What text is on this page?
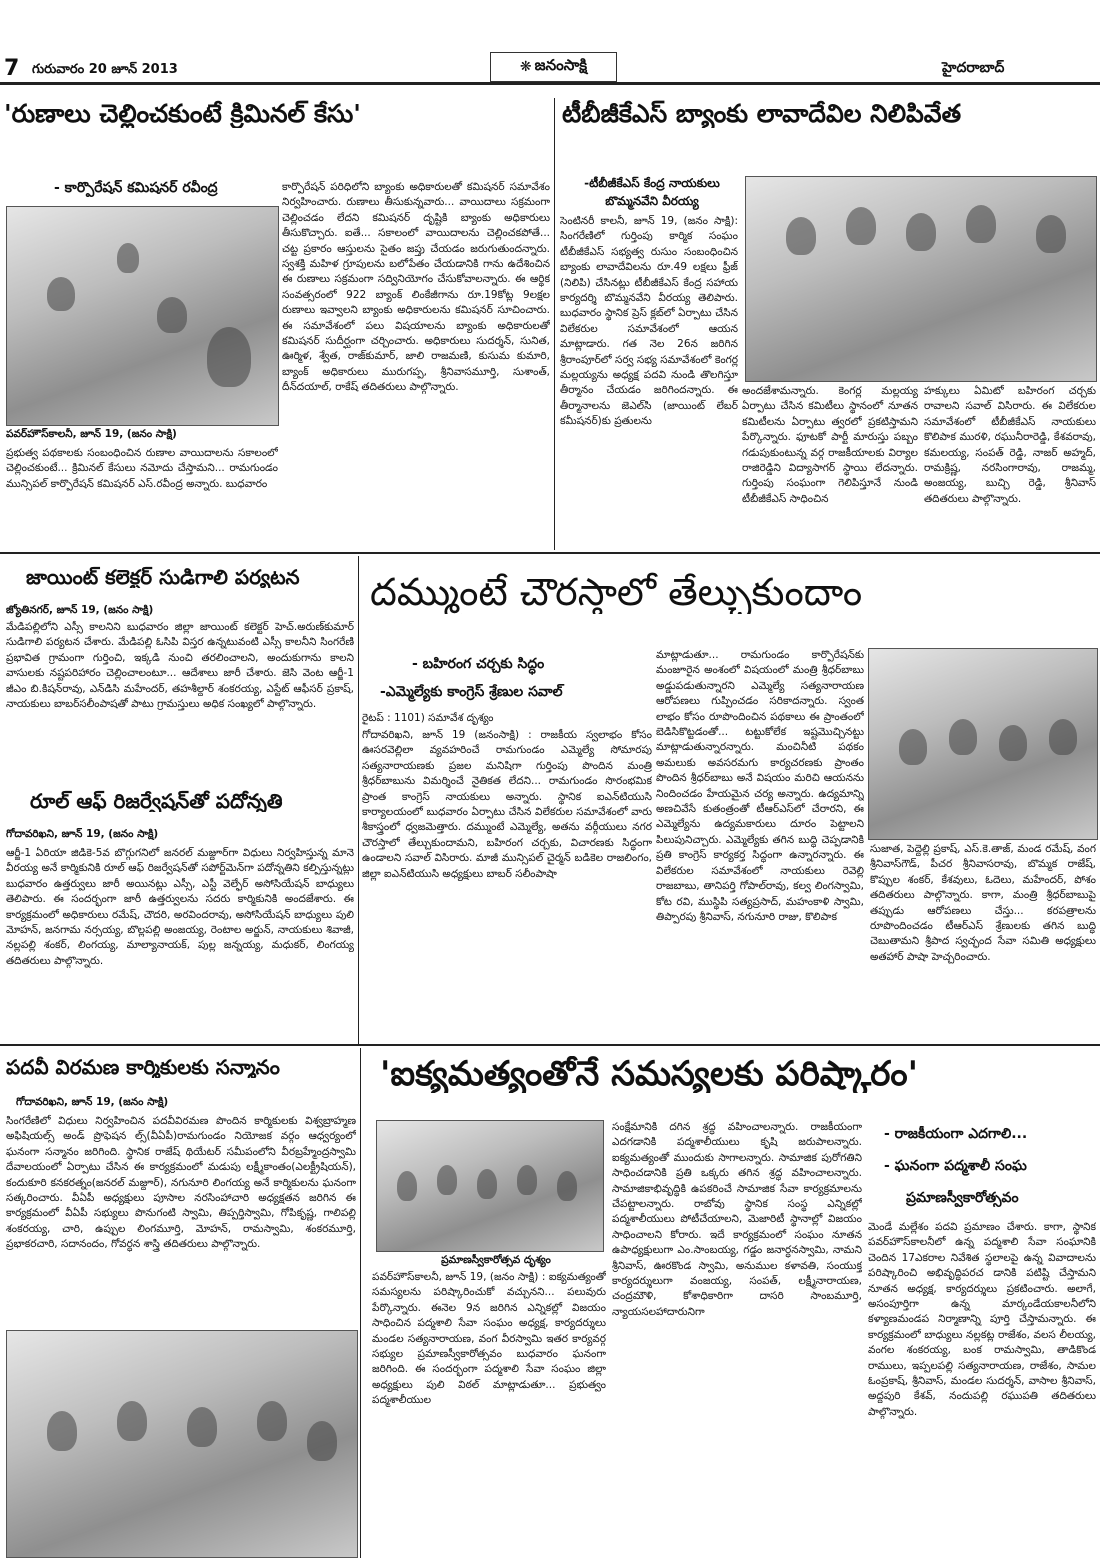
7 గురువారం 20 జూన్ 2013	❋ జనంసాక్షి	హైదరాబాద్
'రుణాలు చెల్లించకుంటే క్రిమినల్ కేసు'
- కార్పొరేషన్ కమిషనర్ రవీంద్ర
పవర్‌హౌస్‌కాలనీ, జూన్ 19, (జనం సాక్షి)

ప్రభుత్వ పథకాలకు సంబంధించిన రుణాల వాయిదాలను సకాలంలో చెల్లించకుంటే... క్రిమినల్ కేసులు నమోదు చేస్తామని... రామగుండం మున్సిపల్ కార్పొరేషన్ కమిషనర్ ఎస్.రవీంద్ర అన్నారు. బుధవారం

కార్పొరేషన్ పరిధిలోని బ్యాంకు అధికారులతో కమిషనర్ సమావేశం నిర్వహించారు. రుణాలు తీసుకున్నవారు... వాయిదాలు సక్రమంగా చెల్లించడం లేదని కమిషనర్ దృష్టికి బ్యాంకు అధికారులు తీసుకొచ్చారు. ఐతే... సకాలంలో వాయిదాలను చెల్లించకపోతే... చట్ట ప్రకారం ఆస్తులను సైతం జప్తు చేయడం జరుగుతుందన్నారు. స్వశక్తి మహిళ గ్రూపులను బలోపేతం చేయడానికి గాను ఉదేశించిన ఈ రుణాలు సక్రమంగా సద్వినియోగం చేసుకోవాలన్నారు. ఈ ఆర్థిక సంవత్సరంలో 922 బ్యాంక్ లింకేజీగాను రూ.19కోట్ల 9లక్షల రుణాలు ఇవ్వాలని బ్యాంకు అధికారులను కమిషనర్ సూచించారు. ఈ సమావేశంలో పలు విషయాలను బ్యాంకు అధికారులతో కమిషనర్ సుదీర్ఘంగా చర్చించారు. అధికారులు సుదర్శన్, సునిత, ఊర్మిళ, శ్వేత, రాజ్‌కుమార్, జాలి రాజమణి, కుసుమ కుమారి, బ్యాంక్ అధికారులు మురుగప్ప, శ్రీనివాసమూర్తి, సుశాంత్, దీన్‌దయాల్, రాకేష్ తదితరులు పాల్గొన్నారు.

టీబీజీకేఎస్ బ్యాంకు లావాదేవిల నిలిపివేత
-టీబీజీకేఎస్ కేంద్ర నాయకులు
బొమ్మనవేని వీరయ్య

సెంటినరీ కాలనీ, జూన్ 19, (జనం సాక్షి): సింగరేణిలో గుర్తింపు కార్మిక సంఘం టీబీజీకేఎస్ సభ్యత్వ రుసుం సంబంధించిన బ్యాంకు లావాదేవిలను రూ.49 లక్షలు ఫ్రీజ్ (నిలిపి) చేసినట్లు టీబీజీకేఎస్ కేంద్ర సహాయ కార్యదర్శి బొమ్మనవేని వీరయ్య తెలిపారు. బుధవారం స్థానిక ప్రెస్ క్లబ్‌లో ఏర్పాటు చేసిన విలేకరుల సమావేశంలో ఆయన మాట్లాడారు. గత నెల 26న జరిగిన శ్రీరాంపూర్‌లో సర్వ సభ్య సమావేశంలో కెంగర్ల మల్లయ్యను అధ్యక్ష పదవి నుండి తొలగిస్తూ తీర్మానం చేయడం జరిగిందన్నారు. ఈ తీర్మానాలను జెఎల్‌సి (జాయింట్ లేబర్ కమీషనర్)కు ప్రతులను

అందజేశామన్నారు. కెంగర్ల మల్లయ్య ఏర్పాటు చేసిన కమిటీలు స్థానంలో నూతన కమిటీలను ఏర్పాటు త్వరలో ప్రకటిస్తామని పేర్కొన్నారు. ఫూటకో పార్టీ మారుస్తు పబ్బం గడుపుకుంటున్న వర్గ రాజకీయాలకు విర్యాల రాజిరెడ్డిని విద్యాసాగర్ స్థాయి లేదన్నారు. గుర్తింపు సంఘంగా గెలిపిస్తూనే నుండి టీబీజీకేఎస్ సాధించిన

హక్కులు ఏమిటో బహిరంగ చర్చకు రావాలని సవాల్ విసిరారు. ఈ విలేకరుల సమావేశంలో టీబీజీకేఎస్ నాయకులు కొలిపాక మురళి, రఘునీరారెడ్డి, కేశవరావు, కమలయ్య, సంపత్ రెడ్డి, నాజర్ అహ్మద్, రామక్రిష్ణ, నరసింగారావు, రాజమ్మ, అంజయ్య, బుచ్చి రెడ్డి, శ్రీనివాస్ తదితరులు పాల్గొన్నారు.

జాయింట్ కలెక్టర్ సుడిగాలి పర్యటన
జ్యోతినగర్, జూన్ 19, (జనం సాక్షి)

మేడిపల్లిలోని ఎస్సీ కాలనిని బుధవారం జిల్లా జాయింట్ కలెక్టర్ హెచ్.అరుణ్‌కుమార్ సుడిగాలి పర్యటన చేశారు. మేడిపల్లి ఓసిపి విస్తర ఉన్నటువంటి ఎస్సీ కాలనీని సింగరేణి ప్రభావిత గ్రామంగా గుర్తించి, ఇక్కడి నుంచి తరలించాలని, అందుకుగాను కాలని వాసులకు నష్టపరిహారం చెల్లించాలంటూ... ఆదేశాలు జారీ చేశారు. జెసి వెంట ఆర్జీ-1 జీఎం బి.కిషన్‌రావు, ఎన్‌డిసి మహేందర్, తహశీల్దార్ శంకరయ్య, ఎస్టేట్ ఆఫీసర్ ప్రకాష్, నాయకులు బాబర్‌సలీంపాషతో పాటు గ్రామస్తులు అధిక సంఖ్యలో పాల్గొన్నారు.

రూల్ ఆఫ్ రిజర్వేషన్‌తో పదోన్నతి
గోదావరిఖని, జూన్ 19, (జనం సాక్షి)

ఆర్జీ-1 ఏరియా జిడికె-5వ బొగ్గుగనిలో జనరల్ మజ్దూర్‌గా విధులు నిర్వహిస్తున్న మానె వీరయ్య అనే కార్మికునికి రూల్ ఆఫ్ రిజర్వేషన్‌తో సపోర్ట్‌మెన్‌గా పదోన్నతిని కల్పిస్తున్నట్లు బుధవారం ఉత్తర్వులు జారీ అయినట్లు ఎస్సీ, ఎస్టీ వెల్ఫేర్ అసోసియేషన్ బాధ్యులు తెలిపారు. ఈ సందర్భంగా జారీ ఉత్తర్వులను సదరు కార్మికునికి అందజేశారు. ఈ కార్యక్రమంలో అధికారులు రమేష్, చౌదరి, అరవిందరావు, అసోసియేషన్ బాధ్యులు పులి మోహన్, జనగామ నర్సయ్య, బొల్లపల్లి అంజయ్య, రెంటాల అర్జున్, నాయకులు శివాజీ, నల్లపల్లి శంకర్, లింగయ్య, మాల్యానాయక్, పుల్ల జన్నయ్య, మధుకర్, లింగయ్య తదితరులు పాల్గొన్నారు.

దమ్ముంటే చౌరస్తాలో తేల్చుకుందాం
- బహిరంగ చర్చకు సిద్ధం
-ఎమ్మెల్యేకు కాంగ్రెస్ శ్రేణుల సవాల్
రైటప్ : 1101) సమావేశ దృశ్యం

గోదావరిఖని, జూన్ 19 (జనంసాక్షి) : రాజకీయ స్వలాభం కోసం ఊసరవెల్లిలా వ్యవహరించే రామగుండం ఎమ్మెల్యే సోమారపు సత్యనారాయణకు ప్రజల మనిషిగా గుర్తింపు పొందిన మంత్రి శ్రీధర్‌బాబును విమర్శించే నైతికత లేదని... రామగుండం సొరంభమిక ప్రాంత కాంగ్రెస్ నాయకులు అన్నారు. స్థానిక ఐఎన్‌టియుసి కార్యాలయంలో బుధవారం ఏర్పాటు చేసిన విలేకరుల సమావేశంలో వారు శీకాస్త్రంలో ధ్వజమెత్తారు. దమ్ముంటే ఎమ్మెల్యే, అతను వర్గీయులు నగర చౌరస్తాలో తేల్చుకుందామని, బహిరంగ చర్చకు, విచారణకు సిద్ధంగా ఉండాలని సవాల్ విసిరారు. మాజీ మున్సిపల్ చైర్మన్ బడికెల రాజలింగం, జిల్లా ఐఎన్‌టియుసి అధ్యక్షులు బాబర్ సలీంపాషా

మాట్లాడుతూ... రామగుండం కార్పొరేషన్‌కు మంజూరైన అంశంలో విషయంలో మంత్రి శ్రీధర్‌బాబు అడ్డుపడుతున్నారని ఎమ్మెల్యే సత్యనారాయణ ఆరోపణలు గుప్పించడం సరికాదన్నారు. స్వంత లాభం కోసం రూపొందించిన పథకాలు ఈ ప్రాంతంలో బెడిసికొట్టడంతో... టట్టుకోలేక ఇష్టమొచ్చినట్టు మాట్లాడుతున్నారన్నారు. మంచినీటి పథకం అమలుకు అవసరమగు కార్యచరణకు ప్రాంతం పొందిన శ్రీధర్‌బాబు అనే విషయం మరిచి ఆయనను నిందించడం హేయమైన చర్య అన్నారు. ఉద్యమాన్ని అణచివేసే కుతంత్రంతో టీఆర్‌ఎస్‌లో చేరారని, ఈ ఎమ్మెల్యేను ఉద్యమకారులు దూరం పెట్టాలని పిలుపునిచ్చారు. ఎమ్మెల్యేకు తగిన బుద్ధి చెప్పడానికి ప్రతి కాంగ్రెస్ కార్యకర్త సిద్ధంగా ఉన్నారన్నారు. ఈ విలేకరుల సమావేశంలో నాయకులు రెవెల్లి రాజబాబు, తానిపర్తి గోపాల్‌రావు, కల్వ లింగస్వామి, కోట రవి, ముస్థిపి సత్యప్రసాద్, మహంకాళి స్వామి, తిప్పారపు శ్రీనివాస్, నగునూరి రాజు, కొలిపాక

సుజాత, పెద్దెల్లి ప్రకాష్, ఎస్.కె.తాజ్, మండ రమేష్, వంగ శ్రీనివాస్‌గౌడ్, పీచర శ్రీనివాసరావు, బొమ్మక రాజేష్, కొప్పుల శంకర్, కేశవులు, ఓదెలు, మహేందర్, పోశం తదితరులు పాల్గొన్నారు. కాగా, మంత్రి శ్రీధర్‌బాబుపై తప్పుడు ఆరోపణలు చేస్తు... కరపత్రాలను రూపొందించడం టీఆర్‌ఎస్ శ్రేణులకు తగిన బుద్ధి చెబుతామని శ్రీపాద స్వచ్ఛంద సేవా సమితి అధ్యక్షులు అతహార్ పాషా హెచ్చరించారు.

పదవీ విరమణ కార్మికులకు సన్మానం
గోదావరిఖని, జూన్ 19, (జనం సాక్షి)

సింగరేణిలో విధులు నిర్వహించిన పదవీవిరమణ పొందిన కార్మికులకు విశ్వబ్రాహ్మణ అఫిషియల్స్ అండ్ ప్రొఫెషన ల్స్(వీఏపీ)రామగుండం నియోజక వర్గం ఆధ్వర్యంలో ఘనంగా సన్మానం జరిగింది. స్థానిక రాజేష్ థియేటర్ సమీపంలోని వీరబ్రహ్మేంద్రస్వామి దేవాలయంలో ఏర్పాటు చేసిన ఈ కార్యక్రమంలో మడుపు లక్ష్మీకాంతం(ఎలక్ట్రీషియన్), కందుకూరి కనకరత్నం(జనరల్ మజ్దూర్), నగునూరి లింగయ్య అనే కార్మికులను ఘనంగా సత్కరించారు. వీఏపీ అధ్యక్షులు పూసాల నరసింహాచారి అధ్యక్షతన జరిగిన ఈ కార్యక్రమంలో వీఏపీ సభ్యులు పొనుగంటి స్వామి, తిప్పర్తిస్వామి, గోపికృష్ణ, గాలిపల్లి శంకరయ్య, చారి, ఉప్పుల లింగమూర్తి, మోహన్, రామస్వామి, శంకరమూర్తి, ప్రభాకరచారి, సదానందం, గోవర్ధన శాస్త్రి తదితరులు పాల్గొన్నారు.

'ఐక్యమత్యంతోనే సమస్యలకు పరిష్కారం'
ప్రమాణస్వీకారోత్సవ దృశ్యం

పవర్‌హౌస్‌కాలనీ, జూన్ 19, (జనం సాక్షి) : ఐక్యమత్యంతో సమస్యలను పరిష్కారించుకో వచ్చునని... పలువురు పేర్కొన్నారు. ఈనెల 9న జరిగిన ఎన్నికల్లో విజయం సాధించిన పద్మశాలి సేవా సంఘం అధ్యక్ష, కార్యదర్శులు మండల సత్యనారాయణ, వంగ వీరస్వామి ఇతర కార్యవర్గ సభ్యుల ప్రమాణస్వీకారోత్సవం బుధవారం ఘనంగా జరిగింది. ఈ సందర్భంగా పద్మశాలి సేవా సంఘం జిల్లా అధ్యక్షులు పులి విఠల్ మాట్లాడుతూ... ప్రభుత్వం పద్మశాలీయుల

సంక్షేమానికి దగిన శ్రద్ధ వహించాలన్నారు. రాజకీయంగా ఎదగడానికి పద్మశాలీయులు కృషి జరుపాలన్నారు. ఐక్యమత్యంతో ముందుకు సాగాలన్నారు. సామాజిక పురోగతిని సాధించడానికి ప్రతి ఒక్కరు తగిన శ్రద్ధ వహించాలన్నారు. సామాజికాభివృద్ధికి ఉపకరించే సామాజిక సేవా కార్యక్రమాలను చేపట్టాలన్నారు. రాబోవు స్థానిక సంస్థ ఎన్నికల్లో పద్మశాలీయులు పోటీచేయాలని, మెజారిటీ స్థానాల్లో విజయం సాధించాలని కోరారు. ఇదే కార్యక్రమంలో సంఘం నూతన ఉపాధ్యక్షులుగా ఎం.సాంబయ్య, గడ్డం జనార్ధనస్వామి, నామని శ్రీనివాస్, ఊరకొండ స్వామి, అనుముల కళావతి, సంయుక్త కార్యదర్శులుగా వంజయ్య, సంపత్, లక్ష్మీనారాయణ, చంద్రమౌళి, కోశాధికారిగా దాసరి సాంబమూర్తి, న్యాయసలహాదారునిగా

- రాజకీయంగా ఎదగాలి...
- ఘనంగా పద్మశాలీ సంఘ
ప్రమాణస్వీకారోత్సవం

మెండే మల్లేశం పదవి ప్రమాణం చేశారు. కాగా, స్థానిక పవర్‌హౌస్‌కాలనీలో ఉన్న పద్మశాలి సేవా సంఘానికి చెందిన 17ఎకరాల నివేశిత స్థలాలపై ఉన్న వివాదాలను పరిష్కారించి అభివృద్ధిపరచ డానికి పటిష్టి చేస్తామని నూతన అధ్యక్ష, కార్యదర్శులు ప్రకటించారు. అలాగే, అసంపూర్తిగా ఉన్న మార్కండేయకాలనీలోని కళ్యాణమండప నిర్మాణాన్ని పూర్తి చేస్తామన్నారు. ఈ కార్యక్రమంలో బాధ్యులు నల్లకట్ల రాజేశం, వలస లీలయ్య, వంగల శంకరయ్య, బంక రామస్వామి, తాడికొండ రాములు, ఇప్పలపల్లి సత్యనారాయణ, రాజేశం, సామల ఓంప్రకాష్, శ్రీనివాస్, మండల సుదర్శన్, వాసాల శ్రీనివాస్, అద్దపురి కేశవ్, నందుపల్లి రఘుపతి తదితరులు పాల్గొన్నారు.
